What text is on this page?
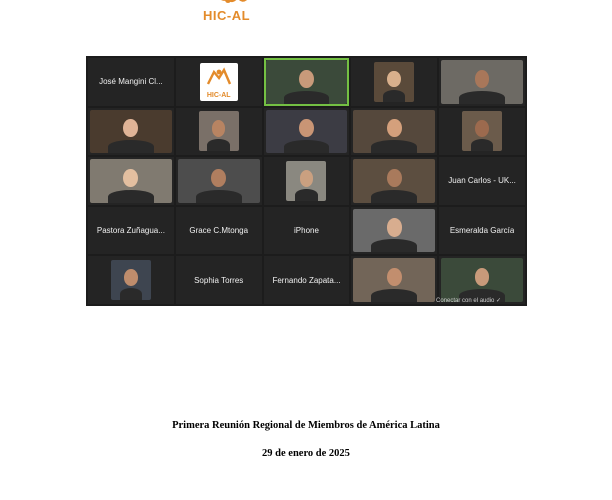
HIC-AL
José Mangini Cl...
HIC-AL
Juan Carlos - UK...
Pastora Zuñagua...	Grace C.Mtonga	iPhone	Esmeralda García
Sophia Torres	Fernando Zapata...
Conectar con el audio ✓
Primera Reunión Regional de Miembros de América Latina
29 de enero de 2025
